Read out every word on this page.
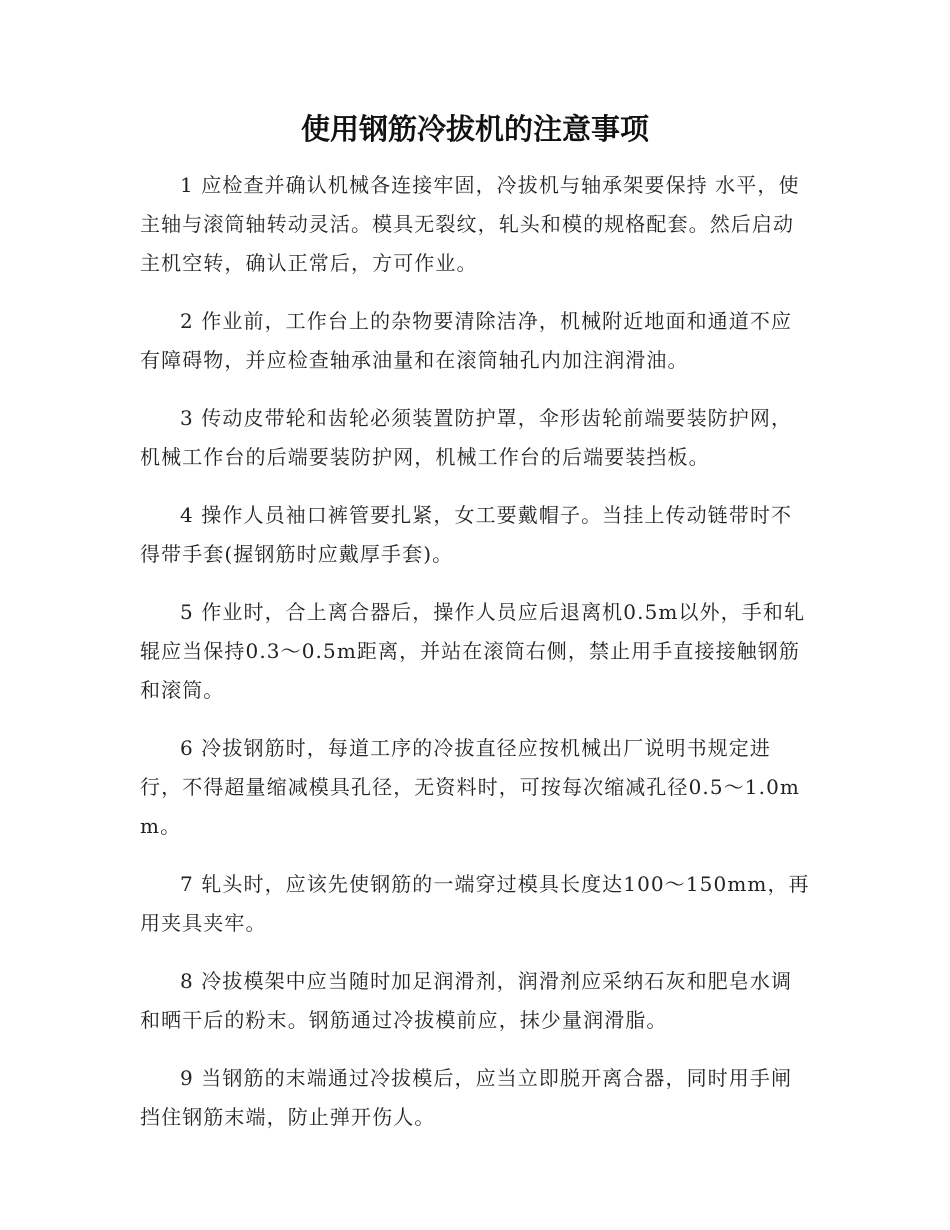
使用钢筋冷拔机的注意事项

1 应检查并确认机械各连接牢固，冷拔机与轴承架要保持 水平，使主轴与滚筒轴转动灵活。模具无裂纹，轧头和模的规格配套。然后启动主机空转，确认正常后，方可作业。

2 作业前，工作台上的杂物要清除洁净，机械附近地面和通道不应有障碍物，并应检查轴承油量和在滚筒轴孔内加注润滑油。

3 传动皮带轮和齿轮必须装置防护罩，伞形齿轮前端要装防护网，机械工作台的后端要装防护网，机械工作台的后端要装挡板。

4 操作人员袖口裤管要扎紧，女工要戴帽子。当挂上传动链带时不得带手套(握钢筋时应戴厚手套)。

5 作业时，合上离合器后，操作人员应后退离机0.5m以外，手和轧辊应当保持0.3～0.5m距离，并站在滚筒右侧，禁止用手直接接触钢筋和滚筒。

6 冷拔钢筋时，每道工序的冷拔直径应按机械出厂说明书规定进行，不得超量缩减模具孔径，无资料时，可按每次缩减孔径0.5～1.0mm。

7 轧头时，应该先使钢筋的一端穿过模具长度达100～150mm，再用夹具夹牢。

8 冷拔模架中应当随时加足润滑剂，润滑剂应采纳石灰和肥皂水调和晒干后的粉末。钢筋通过冷拔模前应，抹少量润滑脂。

9 当钢筋的末端通过冷拔模后，应当立即脱开离合器，同时用手闸挡住钢筋末端，防止弹开伤人。
